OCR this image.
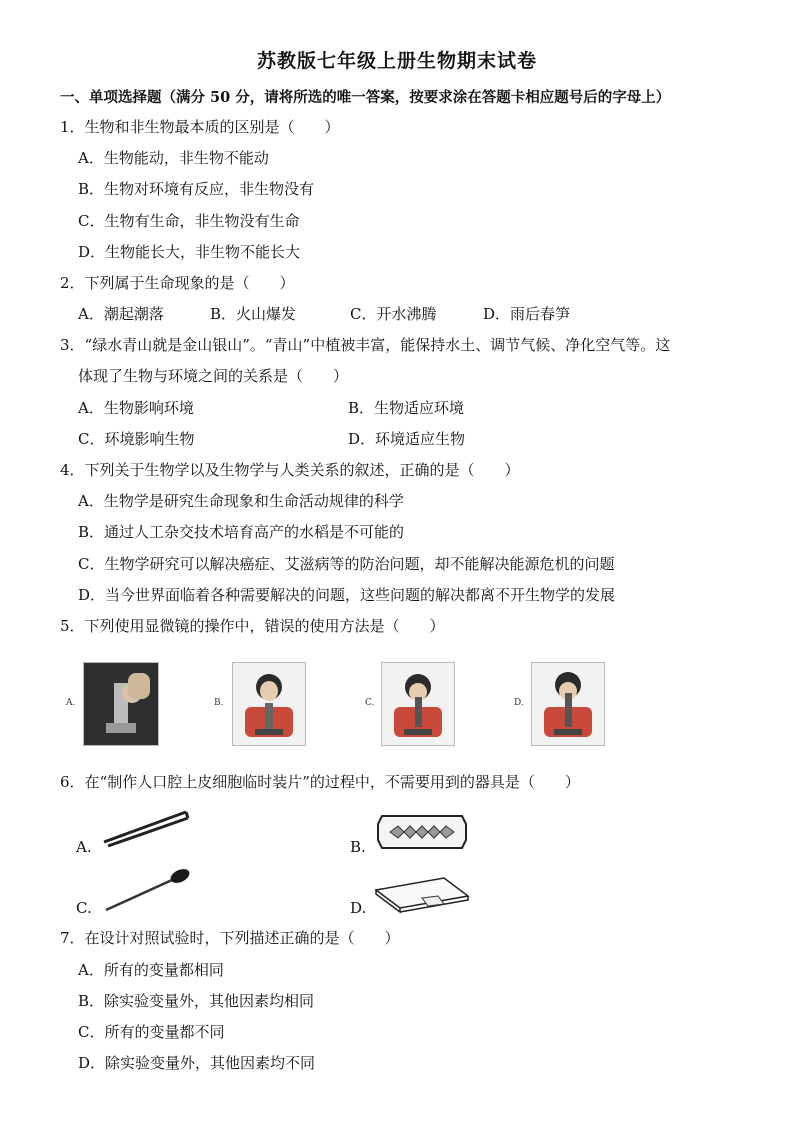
苏教版七年级上册生物期末试卷
一、单项选择题（满分 50 分，请将所选的唯一答案，按要求涂在答题卡相应题号后的字母上）
1．生物和非生物最本质的区别是（　　）
A．生物能动，非生物不能动
B．生物对环境有反应，非生物没有
C．生物有生命，非生物没有生命
D．生物能长大，非生物不能长大
2．下列属于生命现象的是（　　）
A．潮起潮落	B．火山爆发	C．开水沸腾	D．雨后春笋
3．“绿水青山就是金山银山”。“青山”中植被丰富，能保持水土、调节气候、净化空气等。这
体现了生物与环境之间的关系是（　　）
A．生物影响环境	B．生物适应环境
C．环境影响生物	D．环境适应生物
4．下列关于生物学以及生物学与人类关系的叙述，正确的是（　　）
A．生物学是研究生命现象和生命活动规律的科学
B．通过人工杂交技术培育高产的水稻是不可能的
C．生物学研究可以解决癌症、艾滋病等的防治问题，却不能解决能源危机的问题
D．当今世界面临着各种需要解决的问题，这些问题的解决都离不开生物学的发展
5．下列使用显微镜的操作中，错误的使用方法是（　　）
A.	B.	C.	D.
6．在“制作人口腔上皮细胞临时装片”的过程中，不需要用到的器具是（　　）
A.	B.
C.	D.
7．在设计对照试验时，下列描述正确的是（　　）
A．所有的变量都相同
B．除实验变量外，其他因素均相同
C．所有的变量都不同
D．除实验变量外，其他因素均不同
